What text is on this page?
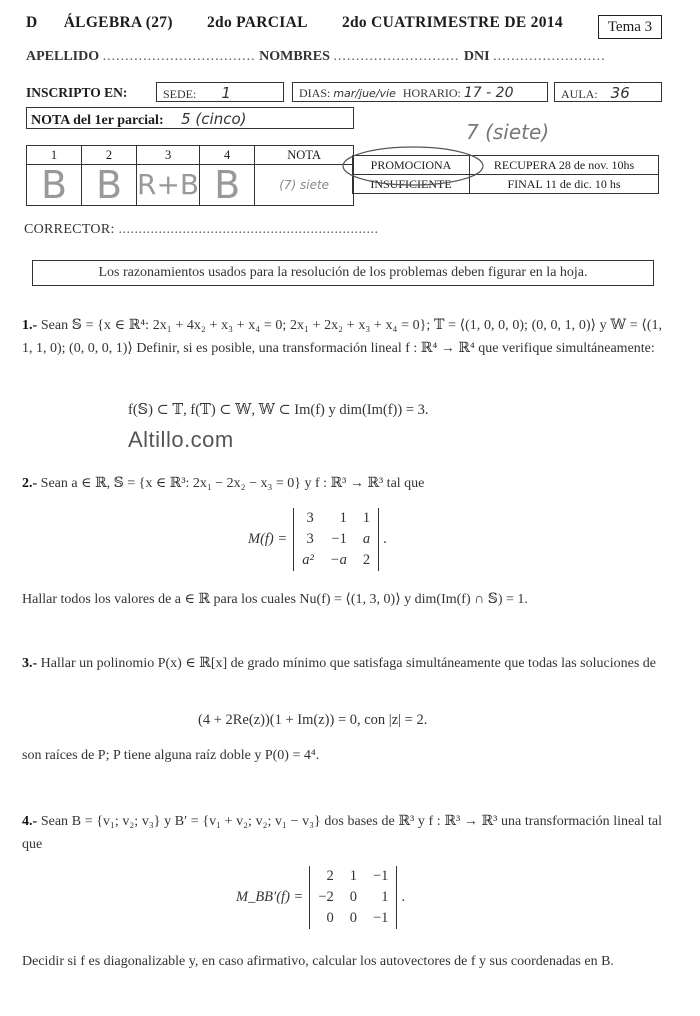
D ÁLGEBRA (27) 2do PARCIAL 2do CUATRIMESTRE DE 2014	Tema 3
APELLIDO .................................. NOMBRES ............................ DNI .........................
INSCRIPTO EN:	SEDE: 1	DIAS: mar/jue/vie HORARIO: 17 - 20	AULA: 36
NOTA del 1er parcial: 5 (cinco)
7 (siete)
1	2	3	4	NOTA
B	B	R+B	B	(7) siete
PROMOCIONA	RECUPERA 28 de nov. 10hs
INSUFICIENTE	FINAL 11 de dic. 10 hs
CORRECTOR: .................................................................
Los razonamientos usados para la resolución de los problemas deben figurar en la hoja.
1.- Sean 𝕊 = {x ∈ ℝ⁴: 2x₁ + 4x₂ + x₃ + x₄ = 0; 2x₁ + 2x₂ + x₃ + x₄ = 0}; 𝕋 = ⟨(1, 0, 0, 0); (0, 0, 1, 0)⟩ y 𝕎 = ⟨(1, 1, 1, 0); (0, 0, 0, 1)⟩ Definir, si es posible, una transformación lineal f : ℝ⁴ → ℝ⁴ que verifique simultáneamente:
f(𝕊) ⊂ 𝕋, f(𝕋) ⊂ 𝕎, 𝕎 ⊂ Im(f) y dim(Im(f)) = 3.
Altillo.com
2.- Sean a ∈ ℝ, 𝕊 = {x ∈ ℝ³: 2x₁ − 2x₂ − x₃ = 0} y f : ℝ³ → ℝ³ tal que
M(f) =
3	1	1
3	−1	a
a²	−a	2
.
Hallar todos los valores de a ∈ ℝ para los cuales Nu(f) = ⟨(1, 3, 0)⟩ y dim(Im(f) ∩ 𝕊) = 1.
3.- Hallar un polinomio P(x) ∈ ℝ[x] de grado mínimo que satisfaga simultáneamente que todas las soluciones de
(4 + 2Re(z))(1 + Im(z)) = 0, con |z| = 2.
son raíces de P; P tiene alguna raíz doble y P(0) = 4⁴.
4.- Sean B = {v₁; v₂; v₃} y B′ = {v₁ + v₂; v₂; v₁ − v₃} dos bases de ℝ³ y f : ℝ³ → ℝ³ una transformación lineal tal que
M_BB′(f) =
2	1	−1
−2	0	1
0	0	−1
.
Decidir si f es diagonalizable y, en caso afirmativo, calcular los autovectores de f y sus coordenadas en B.
